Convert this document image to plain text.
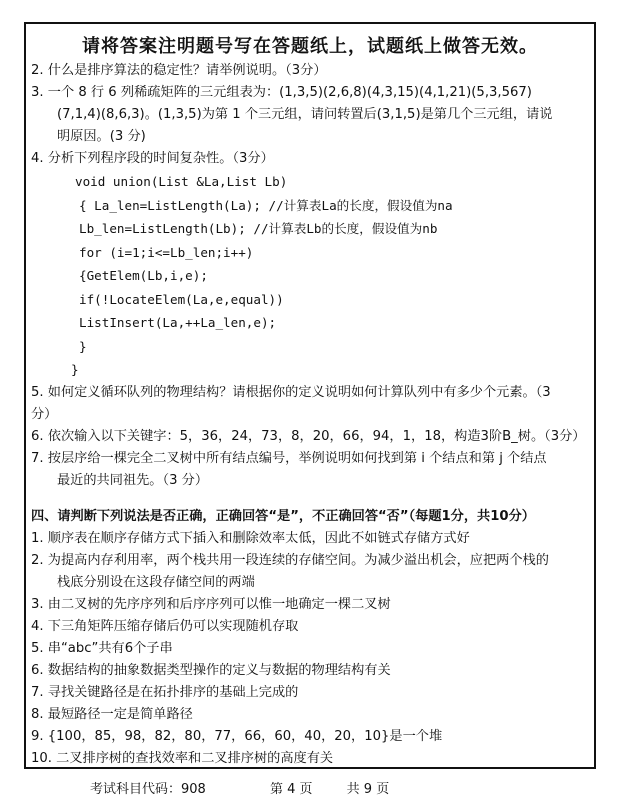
请将答案注明题号写在答题纸上，试题纸上做答无效。
2. 什么是排序算法的稳定性？请举例说明。（3分）
3. 一个 8 行 6 列稀疏矩阵的三元组表为：(1,3,5)(2,6,8)(4,3,15)(4,1,21)(5,3,567)
(7,1,4)(8,6,3)。(1,3,5)为第 1 个三元组，请问转置后(3,1,5)是第几个三元组，请说
明原因。(3 分)
4. 分析下列程序段的时间复杂性。（3分）
void union(List &La,List Lb)
{ La_len=ListLength(La); //计算表La的长度，假设值为na
Lb_len=ListLength(Lb); //计算表Lb的长度，假设值为nb
for (i=1;i<=Lb_len;i++)
{GetElem(Lb,i,e);
if(!LocateElem(La,e,equal))
ListInsert(La,++La_len,e);
}
}
5. 如何定义循环队列的物理结构？请根据你的定义说明如何计算队列中有多少个元素。（3
分）
6. 依次输入以下关键字：5，36，24，73，8，20，66，94，1，18，构造3阶B_树。（3分）
7. 按层序给一棵完全二叉树中所有结点编号，举例说明如何找到第 i 个结点和第 j 个结点
最近的共同祖先。（3 分）
四、请判断下列说法是否正确，正确回答“是”，不正确回答“否”（每题1分，共10分）
1. 顺序表在顺序存储方式下插入和删除效率太低，因此不如链式存储方式好
2. 为提高内存利用率，两个栈共用一段连续的存储空间。为减少溢出机会，应把两个栈的
栈底分别设在这段存储空间的两端
3. 由二叉树的先序序列和后序序列可以惟一地确定一棵二叉树
4. 下三角矩阵压缩存储后仍可以实现随机存取
5. 串“abc”共有6个子串
6. 数据结构的抽象数据类型操作的定义与数据的物理结构有关
7. 寻找关键路径是在拓扑排序的基础上完成的
8. 最短路径一定是简单路径
9. {100，85，98，82，80，77，66，60，40，20，10}是一个堆
10. 二叉排序树的查找效率和二叉排序树的高度有关
考试科目代码：908	第 4 页	共 9 页
